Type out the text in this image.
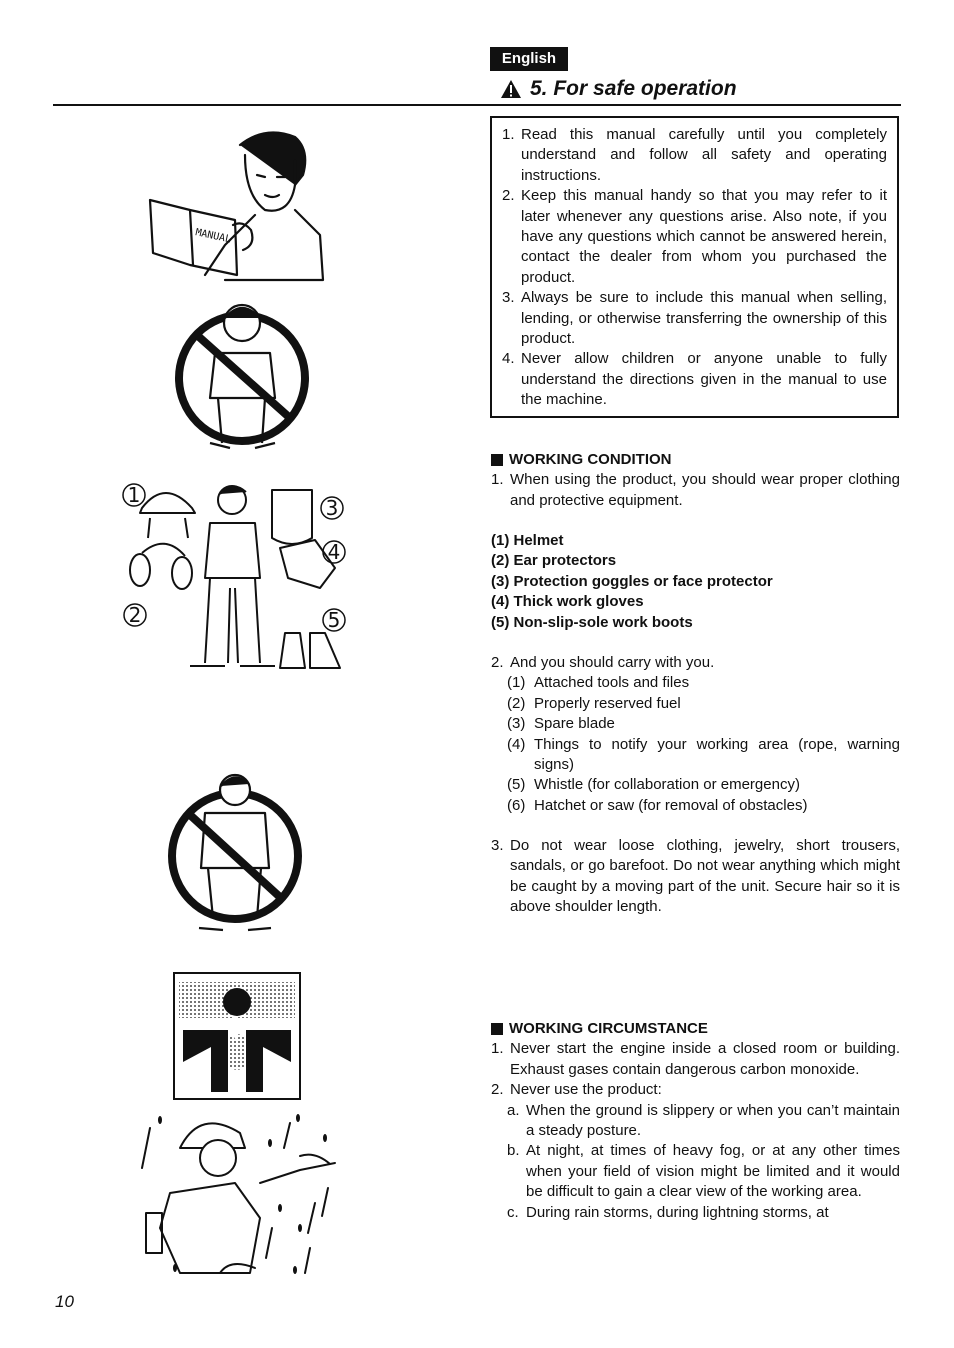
English
5. For safe operation
1. Read this manual carefully until you completely understand and follow all safety and operating instructions.
2. Keep this manual handy so that you may refer to it later whenever any questions arise. Also note, if you have any questions which cannot be answered herein, contact the dealer from whom you purchased the product.
3. Always be sure to include this manual when selling, lending, or otherwise transferring the ownership of this product.
4. Never allow children or anyone unable to fully understand the directions given in the manual to use the machine.
WORKING CONDITION
1. When using the product, you should wear proper clothing and protective equipment.
(1) Helmet
(2) Ear protectors
(3) Protection goggles or face protector
(4) Thick work gloves
(5) Non-slip-sole work boots
2. And you should carry with you.
(1) Attached tools and files
(2) Properly reserved fuel
(3) Spare blade
(4) Things to notify your working area (rope, warning signs)
(5) Whistle (for collaboration or emergency)
(6) Hatchet or saw (for removal of obstacles)
3. Do not wear loose clothing, jewelry, short trousers, sandals, or go barefoot. Do not wear anything which might be caught by a moving part of the unit. Secure hair so it is above shoulder length.
WORKING CIRCUMSTANCE
1. Never start the engine inside a closed room or building. Exhaust gases contain dangerous carbon monoxide.
2. Never use the product:
a. When the ground is slippery or when you can’t maintain a steady posture.
b. At night, at times of heavy fog, or at any other times when your field of vision might be limited and it would be difficult to gain a clear view of the working area.
c. During rain storms, during lightning storms, at
MANUAL
1
2
3
4
5
10
